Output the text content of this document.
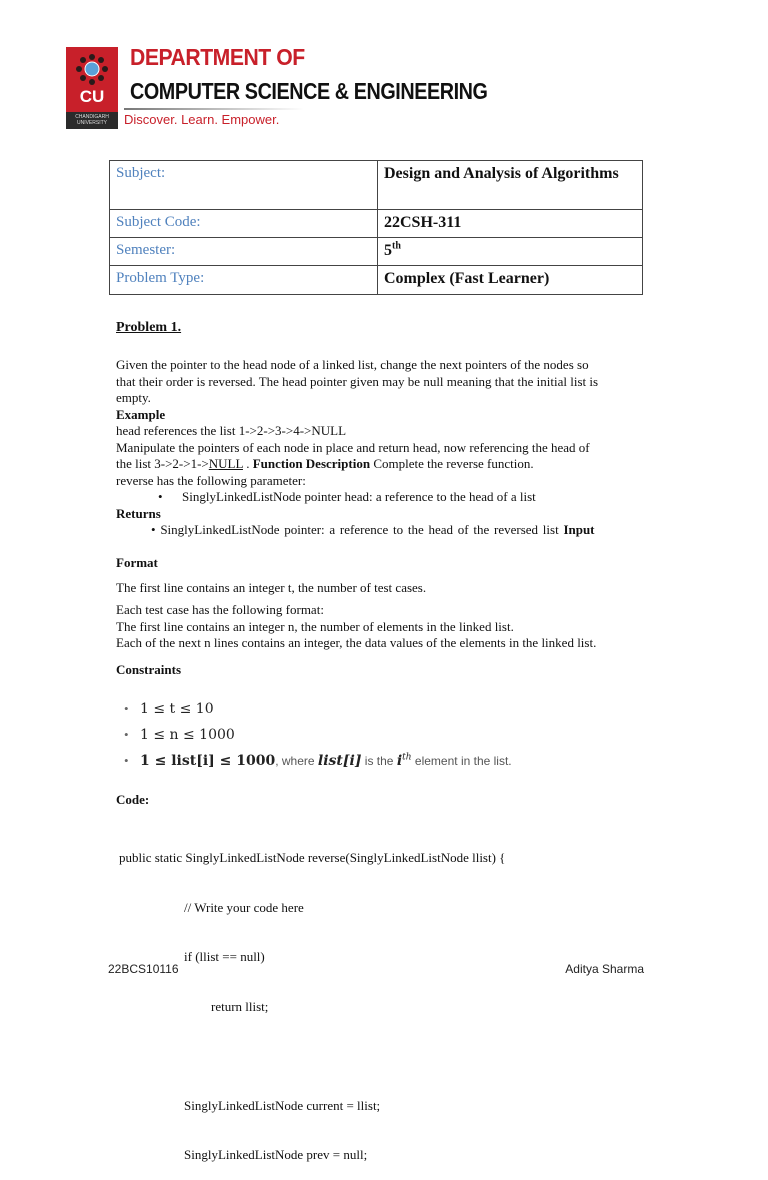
CU
CHANDIGARH
UNIVERSITY
DEPARTMENT OF
COMPUTER SCIENCE & ENGINEERING
Discover. Learn. Empower.
Subject:	Design and Analysis of Algorithms
Subject Code:	22CSH-311
Semester:	5th
Problem Type:	Complex (Fast Learner)
Problem 1.
Given the pointer to the head node of a linked list, change the next pointers of the nodes so
that their order is reversed. The head pointer given may be null meaning that the initial list is
empty.
Example
head references the list 1->2->3->4->NULL
Manipulate the pointers of each node in place and return head, now referencing the head of
the list 3->2->1->NULL . Function Description Complete the reverse function.
reverse has the following parameter:
• SinglyLinkedListNode pointer head: a reference to the head of a list
Returns
• SinglyLinkedListNode pointer: a reference to the head of the reversed list Input
Format
The first line contains an integer t, the number of test cases.
Each test case has the following format:
The first line contains an integer n, the number of elements in the linked list.
Each of the next n lines contains an integer, the data values of the elements in the linked list.
Constraints
• 1 ≤ t ≤ 10
• 1 ≤ n ≤ 1000
• 1 ≤ list[i] ≤ 1000, where list[i] is the $i^{th}$ element in the list.
Code:

public static SinglyLinkedListNode reverse(SinglyLinkedListNode llist) {

// Write your code here

if (llist == null)

return llist;

SinglyLinkedListNode current = llist;

SinglyLinkedListNode prev = null;

22BCS10116	Aditya Sharma
